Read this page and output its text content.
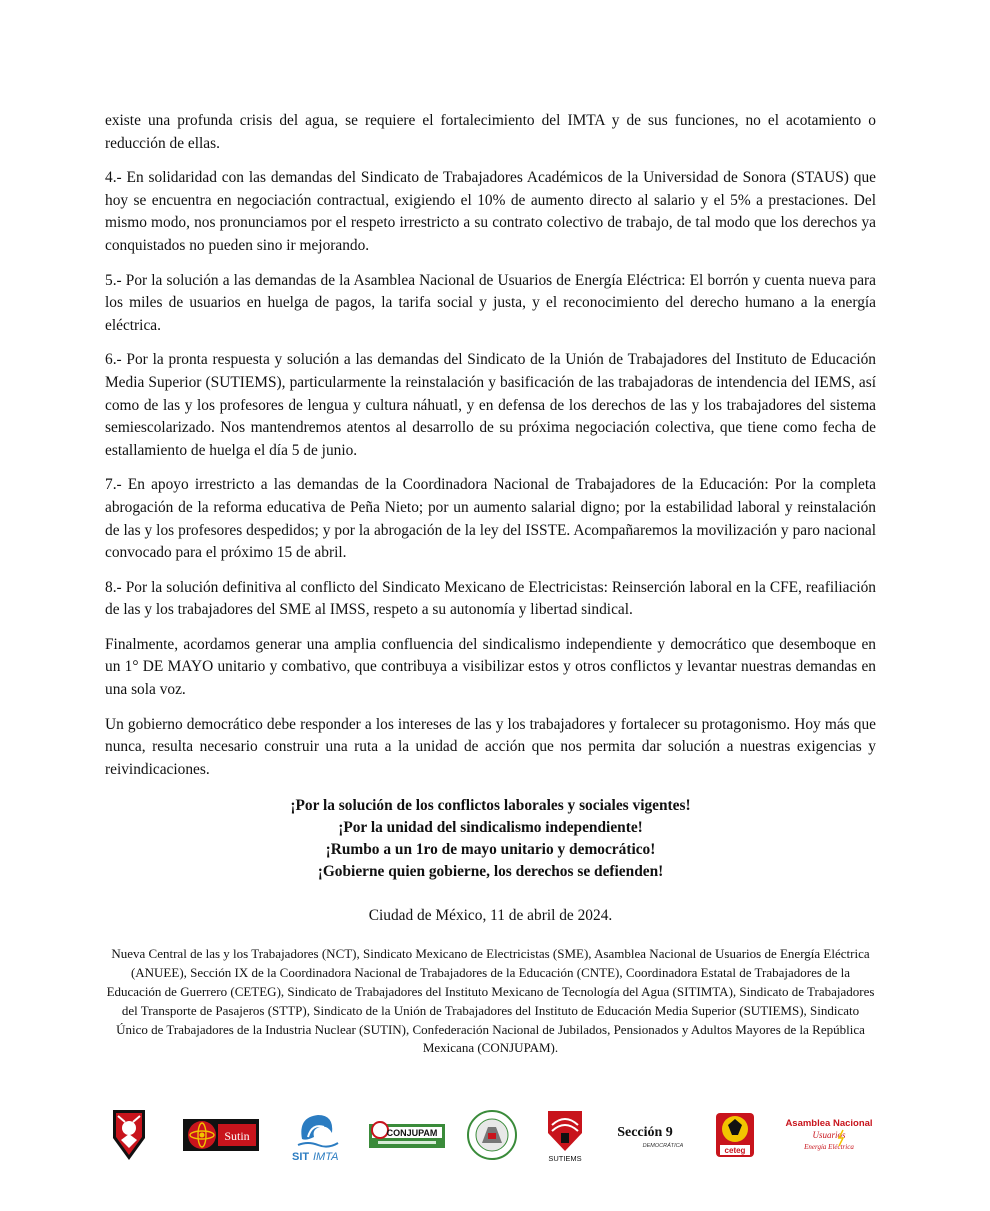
existe una profunda crisis del agua, se requiere el fortalecimiento del IMTA y de sus funciones, no el acotamiento o reducción de ellas.

4.- En solidaridad con las demandas del Sindicato de Trabajadores Académicos de la Universidad de Sonora (STAUS) que hoy se encuentra en negociación contractual, exigiendo el 10% de aumento directo al salario y el 5% a prestaciones. Del mismo modo, nos pronunciamos por el respeto irrestricto a su contrato colectivo de trabajo, de tal modo que los derechos ya conquistados no pueden sino ir mejorando.

5.- Por la solución a las demandas de la Asamblea Nacional de Usuarios de Energía Eléctrica: El borrón y cuenta nueva para los miles de usuarios en huelga de pagos, la tarifa social y justa, y el reconocimiento del derecho humano a la energía eléctrica.

6.- Por la pronta respuesta y solución a las demandas del Sindicato de la Unión de Trabajadores del Instituto de Educación Media Superior (SUTIEMS), particularmente la reinstalación y basificación de las trabajadoras de intendencia del IEMS, así como de las y los profesores de lengua y cultura náhuatl, y en defensa de los derechos de las y los trabajadores del sistema semiescolarizado. Nos mantendremos atentos al desarrollo de su próxima negociación colectiva, que tiene como fecha de estallamiento de huelga el día 5 de junio.

7.- En apoyo irrestricto a las demandas de la Coordinadora Nacional de Trabajadores de la Educación: Por la completa abrogación de la reforma educativa de Peña Nieto; por un aumento salarial digno; por la estabilidad laboral y reinstalación de las y los profesores despedidos; y por la abrogación de la ley del ISSTE. Acompañaremos la movilización y paro nacional convocado para el próximo 15 de abril.

8.- Por la solución definitiva al conflicto del Sindicato Mexicano de Electricistas: Reinserción laboral en la CFE, reafiliación de las y los trabajadores del SME al IMSS, respeto a su autonomía y libertad sindical.

Finalmente, acordamos generar una amplia confluencia del sindicalismo independiente y democrático que desemboque en un 1° DE MAYO unitario y combativo, que contribuya a visibilizar estos y otros conflictos y levantar nuestras demandas en una sola voz.

Un gobierno democrático debe responder a los intereses de las y los trabajadores y fortalecer su protagonismo. Hoy más que nunca, resulta necesario construir una ruta a la unidad de acción que nos permita dar solución a nuestras exigencias y reivindicaciones.

¡Por la solución de los conflictos laborales y sociales vigentes!
¡Por la unidad del sindicalismo independiente!
¡Rumbo a un 1ro de mayo unitario y democrático!
¡Gobierne quien gobierne, los derechos se defienden!
Ciudad de México, 11 de abril de 2024.
Nueva Central de las y los Trabajadores (NCT), Sindicato Mexicano de Electricistas (SME), Asamblea Nacional de Usuarios de Energía Eléctrica (ANUEE), Sección IX de la Coordinadora Nacional de Trabajadores de la Educación (CNTE), Coordinadora Estatal de Trabajadores de la Educación de Guerrero (CETEG), Sindicato de Trabajadores del Instituto Mexicano de Tecnología del Agua (SITIMTA), Sindicato de Trabajadores del Transporte de Pasajeros (STTP), Sindicato de la Unión de Trabajadores del Instituto de Educación Media Superior (SUTIEMS), Sindicato Único de Trabajadores de la Industria Nuclear (SUTIN), Confederación Nacional de Jubilados, Pensionados y Adultos Mayores de la República Mexicana (CONJUPAM).
Sutin
SIT IMTA
CONJUPAM
SUTIEMS
Sección 9
DEMOCRÁTICA	ceteg
Asamblea Nacional
Usuarios
Energía Eléctrica
